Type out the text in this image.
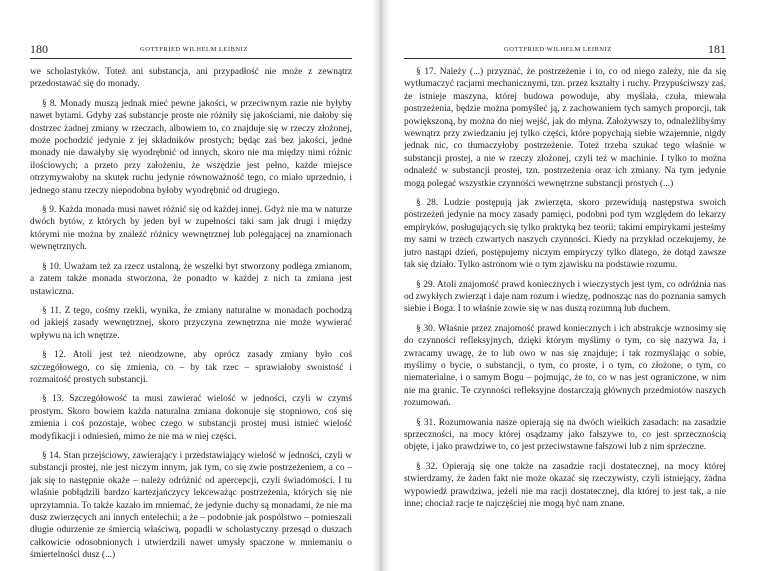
180	GOTTFRIED WILHELM LEIBNIZ

we scholastyków. Toteż ani substancja, ani przypadłość nie może z zewnątrz przedostawać się do monady.

§ 8. Monady muszą jednak mieć pewne jakości, w przeciwnym razie nie byłyby nawet bytami. Gdyby zaś substancje proste nie różniły się jakościami, nie dałoby się dostrzec żadnej zmiany w rzeczach, albowiem to, co znajduje się w rzeczy złożonej, może pochodzić jedynie z jej składników prostych; będąc zaś bez jakości, jedne monady nie dawałyby się wyodrębnić od innych, skoro nie ma między nimi różnic ilościowych; a przeto przy założeniu, że wszędzie jest pełno, każde miejsce otrzymywałoby na skutek ruchu jedynie równoważność tego, co miało uprzednio, i jednego stanu rzeczy niepodobna byłoby wyodrębnić od drugiego.

§ 9. Każda monada musi nawet różnić się od każdej innej. Gdyż nie ma w naturze dwóch bytów, z których by jeden był w zupełności taki sam jak drugi i między którymi nie można by znaleźć różnicy wewnętrznej lub polegającej na znamionach wewnętrznych.

§ 10. Uważam też za rzecz ustaloną, że wszelki byt stworzony podlega zmianom, a zatem także monada stworzona, że ponadto w każdej z nich ta zmiana jest ustawiczna.

§ 11. Z tego, cośmy rzekli, wynika, że zmiany naturalne w monadach pochodzą od jakiejś zasady wewnętrznej, skoro przyczyna zewnętrzna nie może wywierać wpływu na ich wnętrze.

§ 12. Atoli jest też nieodzowne, aby oprócz zasady zmiany było coś szczegółowego, co się zmienia, co – by tak rzec – sprawiałoby swoistość i rozmaitość prostych substancji.

§ 13. Szczegółowość ta musi zawierać wielość w jedności, czyli w czymś prostym. Skoro bowiem każda naturalna zmiana dokonuje się stopniowo, coś się zmienia i coś pozostaje, wobec czego w substancji prostej musi istnieć wielość modyfikacji i odniesień, mimo że nie ma w niej części.

§ 14. Stan przejściowy, zawierający i przedstawiający wielość w jedności, czyli w substancji prostej, nie jest niczym innym, jak tym, co się zwie postrzeżeniem, a co – jak się to następnie okaże – należy odróżnić od apercepcji, czyli świadomości. I tu właśnie pobłądzili bardzo kartezjańczycy lekceważąc postrzeżenia, których się nie uprzytamnia. To także kazało im mniemać, że jedynie duchy są monadami, że nie ma dusz zwierzęcych ani innych entelechii; a że – podobnie jak pospólstwo – pomieszali długie odurzenie ze śmiercią właściwą, popadli w scholastyczny przesąd o duszach całkowicie odosobnionych i utwierdzili nawet umysły spaczone w mniemaniu o śmiertelności dusz (...)

GOTTFRIED WILHELM LEIBNIZ	181

§ 17. Należy (...) przyznać, że postrzeżenie i to, co od niego zależy, nie da się wytłumaczyć racjami mechanicznymi, tzn. przez kształty i ruchy. Przypuściwszy zaś, że istnieje maszyna, której budowa powoduje, aby myślała, czuła, miewała postrzeżenia, będzie można pomyśleć ją, z zachowaniem tych samych proporcji, tak powiększoną, by można do niej wejść, jak do młyna. Założywszy to, odnależlibyśmy wewnątrz przy zwiedzaniu jej tylko części, które popychają siebie wzajemnie, nigdy jednak nic, co tłumaczyłoby postrzeżenie. Toteż trzeba szukać tego właśnie w substancji prostej, a nie w rzeczy złożonej, czyli też w machinie. I tylko to można odnaleźć w substancji prostej, tzn. postrzeżenia oraz ich zmiany. Na tym jedynie mogą polegać wszystkie czynności wewnętrzne substancji prostych (...)

§ 28. Ludzie postępują jak zwierzęta, skoro przewidują następstwa swoich postrzeżeń jedynie na mocy zasady pamięci, podobni pod tym względem do lekarzy empiryków, posługujących się tylko praktyką bez teorii; takimi empirykami jesteśmy my sami w trzech czwartych naszych czynności. Kiedy na przykład oczekujemy, że jutro nastąpi dzień, postępujemy niczym empiryczy tylko dlatego, że dotąd zawsze tak się działo. Tylko astronom wie o tym zjawisku na podstawie rozumu.

§ 29. Atoli znajomość prawd koniecznych i wieczystych jest tym, co odróżnia nas od zwykłych zwierząt i daje nam rozum i wiedzę, podnosząc nas do poznania samych siebie i Boga. I to właśnie zowie się w nas duszą rozumną lub duchem.

§ 30. Właśnie przez znajomość prawd koniecznych i ich abstrakcje wznosimy się do czynności refleksyjnych, dzięki którym myślimy o tym, co się nazywa Ja, i zwracamy uwagę, że to lub owo w nas się znajduje; i tak rozmyślając o sobie, myślimy o bycie, o substancji, o tym, co proste, i o tym, co złożone, o tym, co niematerialne, i o samym Bogu – pojmując, że to, co w nas jest ograniczone, w nim nie ma granic. Te czynności refleksyjne dostarczają głównych przedmiotów naszych rozumowań.

§ 31. Rozumowania nasze opierają się na dwóch wielkich zasadach: na zasadzie sprzeczności, na mocy której osądzamy jako fałszywe to, co jest sprzecznością objęte, i jako prawdziwe to, co jest przeciwstawne fałszowi lub z nim sprzeczne.

§ 32. Opierają się one także na zasadzie racji dostatecznej, na mocy której stwierdzamy, że żaden fakt nie może okazać się rzeczywisty, czyli istniejący, żadna wypowiedź prawdziwa, jeżeli nie ma racji dostatecznej, dla której to jest tak, a nie inne; chociaż racje te najczęściej nie mogą być nam znane.
